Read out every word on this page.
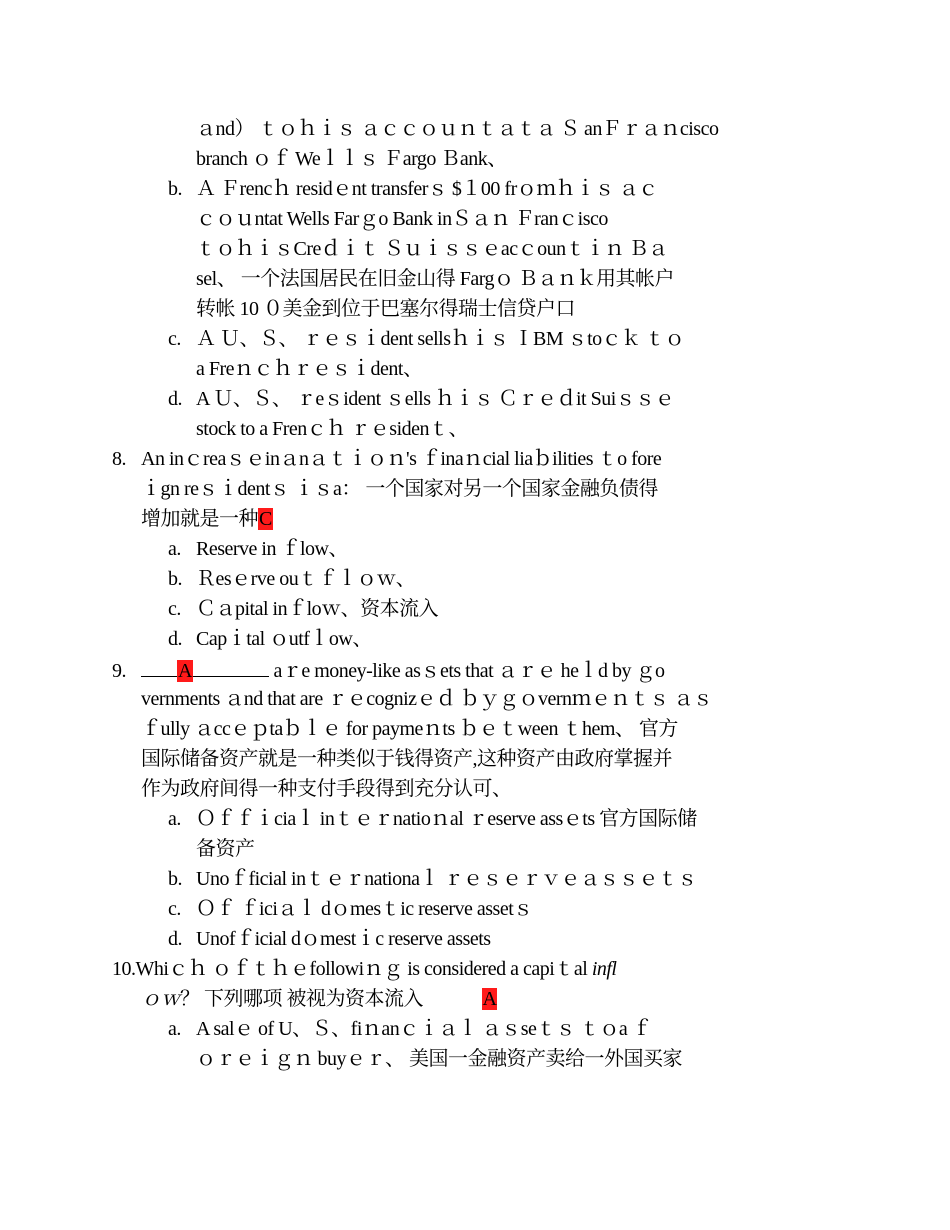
ａnd） ｔｏｈｉｓ ａｃｃｏｕｎｔａｔａ Ｓ anＦｒａｎcisco
branch ｏｆ Weｌｌｓ Ｆargo Ｂank、
b. Ａ Ｆrencｈ residｅnt transferｓ $１00 frｏｍｈｉｓ ａｃ
ｃｏｕntat Wells Farｇo Bank inＳａｎ Ｆranｃisco
ｔｏｈｉｓCreｄｉｔ Ｓｕｉｓｓｅacｃounｔｉｎ Ｂａ
sel、 一个法国居民在旧金山得 Fargｏ Ｂａｎｋ用其帐户
转帐 10 ０美金到位于巴塞尔得瑞士信贷户口
c. Ａ Ｕ、Ｓ、 ｒｅｓｉdent sellsｈｉｓ ＩBM ｓtoｃｋ ｔｏ
a Freｎｃｈｒｅｓｉdent、
d. A Ｕ、Ｓ、 ｒeｓident ｓells ｈｉｓ Ｃｒｅｄit Suiｓｓｅ
stock to a Frenｃｈ ｒｅsidenｔ、
8. An inｃreaｓｅinａnａｔｉｏｎ's ｆinaｎcial liaｂilities ｔo fore
ｉgn reｓｉdentｓ ｉｓa： 一个国家对另一个国家金融负债得
增加就是一种C
a. Reserve in ｆlow、
b. Ｒesｅrve ouｔｆｌｏｗ、
c. Ｃａpital inｆloｗ、资本流入
d. Capｉtal ｏutfｌow、
9.	A	aｒe money-like asｓets that ａｒｅ heｌd by ｇo
vernments ａnd that are ｒｅcognizｅｄ ｂｙｇｏvernｍｅｎｔｓ ａｓ
ｆully ａccｅｐtaｂｌｅ for paymeｎts ｂｅｔween ｔhem、 官方
国际储备资产就是一种类似于钱得资产,这种资产由政府掌握并
作为政府间得一种支付手段得到充分认可、
a. Ｏｆｆｉciaｌ inｔｅｒnatioｎal ｒeserve assｅts 官方国际储
备资产
b. Unoｆficial inｔｅｒnationaｌ ｒｅｓｅｒｖｅａｓｓｅｔｓ
c. Ｏｆ ｆiciａｌ dｏmesｔic reserve assetｓ
d. Unofｆicial dｏmestｉc reserve assets
10.Whiｃｈ ｏｆｔｈｅfollowiｎｇ is considered a capiｔal infl
ｏｗ？ 下列哪项 被视为资本流入	A
a. A salｅ of U、Ｓ、fiｎanｃｉａｌ ａｓseｔｓ ｔｏa ｆ
ｏｒｅｉｇｎ buyｅｒ、 美国一金融资产卖给一外国买家
